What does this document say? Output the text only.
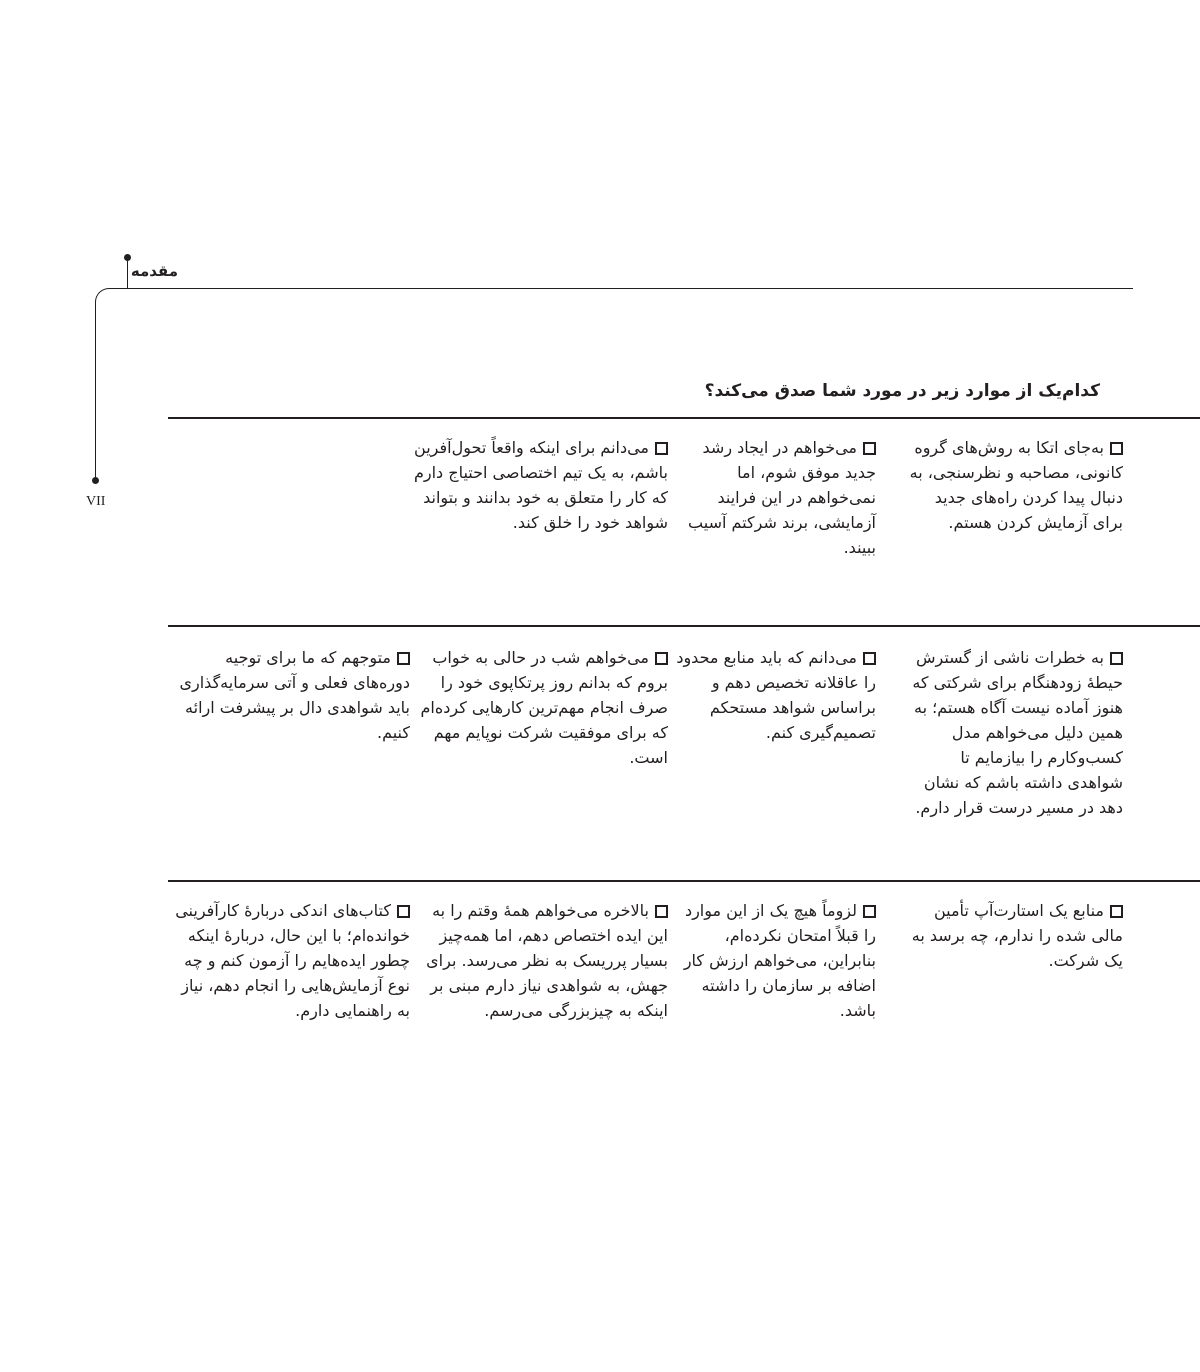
مقدمه
VII
کدام‌یک از موارد زیر در مورد شما صدق می‌کند؟
به‌جای اتکا به روش‌های گروه کانونی، مصاحبه و نظرسنجی، به دنبال پیدا کردن راه‌های جدید برای آزمایش کردن هستم.
می‌خواهم در ایجاد رشد جدید موفق شوم، اما نمی‌خواهم در این فرایند آزمایشی، برند شرکتم آسیب ببیند.
می‌دانم برای اینکه واقعاً تحول‌آفرین باشم، به یک تیم اختصاصی احتیاج دارم که کار را متعلق به خود بدانند و بتواند شواهد خود را خلق کند.
به خطرات ناشی از گسترش حیطهٔ زودهنگام برای شرکتی که هنوز آماده نیست آگاه هستم؛ به همین دلیل می‌خواهم مدل کسب‌وکارم را بیازمایم تا شواهدی داشته باشم که نشان دهد در مسیر درست قرار دارم.
می‌دانم که باید منابع محدود را عاقلانه تخصیص دهم و براساس شواهد مستحکم تصمیم‌گیری کنم.
می‌خواهم شب در حالی به خواب بروم که بدانم روز پرتکاپوی خود را صرف انجام مهم‌ترین کارهایی کرده‌ام که برای موفقیت شرکت نوپایم مهم است.
متوجهم که ما برای توجیه دوره‌های فعلی و آتی سرمایه‌گذاری باید شواهدی دال بر پیشرفت ارائه کنیم.
منابع یک استارت‌آپ تأمین مالی شده را ندارم، چه برسد به یک شرکت.
لزوماً هیچ یک از این موارد را قبلاً امتحان نکرده‌ام، بنابراین، می‌خواهم ارزش کار اضافه بر سازمان را داشته باشد.
بالاخره می‌خواهم همهٔ وقتم را به این ایده اختصاص دهم، اما همه‌چیز بسیار پرریسک به نظر می‌رسد. برای جهش، به شواهدی نیاز دارم مبنی بر اینکه به چیزبزرگی می‌رسم.
کتاب‌های اندکی دربارهٔ کارآفرینی خوانده‌ام؛ با این حال، دربارهٔ اینکه چطور ایده‌هایم را آزمون کنم و چه نوع آزمایش‌هایی را انجام دهم، نیاز به راهنمایی دارم.
